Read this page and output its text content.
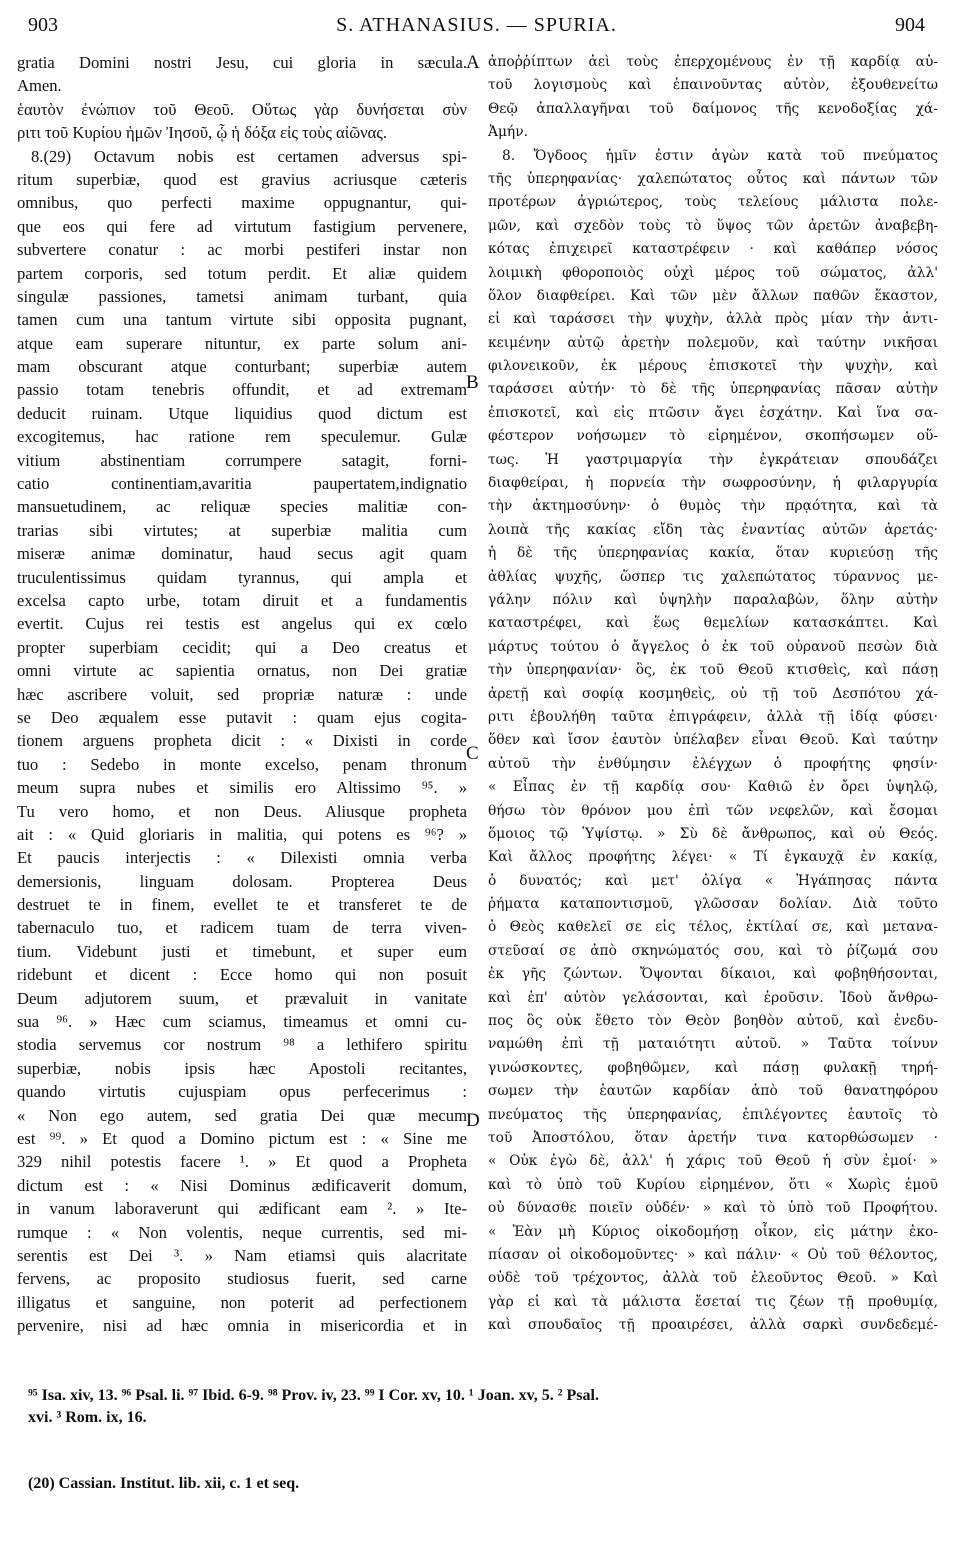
903	S. ATHANASIUS. — SPURIA.	904
gratia Domini nostri Jesu, cui gloria in sæcula.
Amen.
ἑαυτὸν ἐνώπιον τοῦ Θεοῦ. Οὕτως γὰρ δυνήσεται σὺν
ριτι τοῦ Κυρίου ἡμῶν Ἰησοῦ, ᾧ ἡ δόξα εἰς τοὺς αἰῶνας.
8.(29) Octavum nobis est certamen adversus spi-
ritum superbiæ, quod est gravius acriusque cæteris
omnibus, quo perfecti maxime oppugnantur, qui-
que eos qui fere ad virtutum fastigium pervenere,
subvertere conatur : ac morbi pestiferi instar non
partem corporis, sed totum perdit. Et aliæ quidem
singulæ passiones, tametsi animam turbant, quia
tamen cum una tantum virtute sibi opposita pugnant,
atque eam superare nituntur, ex parte solum ani-
mam obscurant atque conturbant; superbiæ autem
passio totam tenebris offundit, et ad extremam
deducit ruinam. Utque liquidius quod dictum est
excogitemus, hac ratione rem speculemur. Gulæ
vitium abstinentiam corrumpere satagit, forni-
catio continentiam,avaritia paupertatem,indignatio
mansuetudinem, ac reliquæ species malitiæ con-
trarias sibi virtutes; at superbiæ malitia cum
miseræ animæ dominatur, haud secus agit quam
truculentissimus quidam tyrannus, qui ampla et
excelsa capto urbe, totam diruit et a fundamentis
evertit. Cujus rei testis est angelus qui ex cœlo
propter superbiam cecidit; qui a Deo creatus et
omni virtute ac sapientia ornatus, non Dei gratiæ
hæc ascribere voluit, sed propriæ naturæ : unde
se Deo æqualem esse putavit : quam ejus cogita-
tionem arguens propheta dicit : « Dixisti in corde
tuo : Sedebo in monte excelso, penam thronum
meum supra nubes et similis ero Altissimo ⁹⁵. »
Tu vero homo, et non Deus. Aliusque propheta
ait : « Quid gloriaris in malitia, qui potens es ⁹⁶? »
Et paucis interjectis : « Dilexisti omnia verba
demersionis, linguam dolosam. Propterea Deus
destruet te in finem, evellet te et transferet te de
tabernaculo tuo, et radicem tuam de terra viven-
tium. Videbunt justi et timebunt, et super eum
ridebunt et dicent : Ecce homo qui non posuit
Deum adjutorem suum, et prævaluit in vanitate
sua ⁹⁶. » Hæc cum sciamus, timeamus et omni cu-
stodia servemus cor nostrum ⁹⁸ a lethifero spiritu
superbiæ, nobis ipsis hæc Apostoli recitantes,
quando virtutis cujuspiam opus perfecerimus :
« Non ego autem, sed gratia Dei quæ mecum
est ⁹⁹. » Et quod a Domino pictum est : « Sine me
329 nihil potestis facere ¹. » Et quod a Propheta
dictum est : « Nisi Dominus ædificaverit domum,
in vanum laboraverunt qui ædificant eam ². » Ite-
rumque : « Non volentis, neque currentis, sed mi-
serentis est Dei ³. » Nam etiamsi quis alacritate
fervens, ac proposito studiosus fuerit, sed carne
illigatus et sanguine, non poterit ad perfectionem
pervenire, nisi ad hæc omnia in misericordia et in
ἀποῤῥίπτων ἀεὶ τοὺς ἐπερχομένους ἐν τῇ καρδίᾳ αὐ-
τοῦ λογισμοὺς καὶ ἐπαινοῦντας αὐτὸν, ἐξουθενείτω
Θεῷ ἀπαλλαγῆναι τοῦ δαίμονος τῆς κενοδοξίας χά-
Ἀμήν.
8. Ὄγδοος ἡμῖν ἐστιν ἀγὼν κατὰ τοῦ πνεύματος
τῆς ὑπερηφανίας· χαλεπώτατος οὗτος καὶ πάντων τῶν
προτέρων ἀγριώτερος, τοὺς τελείους μάλιστα πολε-
μῶν, καὶ σχεδὸν τοὺς τὸ ὕψος τῶν ἀρετῶν ἀναβεβη-
κότας ἐπιχειρεῖ καταστρέφειν · καὶ καθάπερ νόσος
λοιμικὴ φθοροποιὸς οὐχὶ μέρος τοῦ σώματος, ἀλλ'
ὅλον διαφθείρει. Καὶ τῶν μὲν ἄλλων παθῶν ἕκαστον,
εἰ καὶ ταράσσει τὴν ψυχὴν, ἀλλὰ πρὸς μίαν τὴν ἀντι-
κειμένην αὐτῷ ἀρετὴν πολεμοῦν, καὶ ταύτην νικῆσαι
φιλονεικοῦν, ἐκ μέρους ἐπισκοτεῖ τὴν ψυχὴν, καὶ
ταράσσει αὐτήν· τὸ δὲ τῆς ὑπερηφανίας πᾶσαν αὐτὴν
ἐπισκοτεῖ, καὶ εἰς πτῶσιν ἄγει ἐσχάτην. Καὶ ἵνα σα-
φέστερον νοήσωμεν τὸ εἰρημένον, σκοπήσωμεν οὕ-
τως. Ἡ γαστριμαργία τὴν ἐγκράτειαν σπουδάζει
διαφθείραι, ἡ πορνεία τὴν σωφροσύνην, ἡ φιλαργυρία
τὴν ἀκτημοσύνην· ὁ θυμὸς τὴν πρᾳότητα, καὶ τὰ
λοιπὰ τῆς κακίας εἴδη τὰς ἐναντίας αὐτῶν ἀρετάς·
ἡ δὲ τῆς ὑπερηφανίας κακία, ὅταν κυριεύσῃ τῆς
ἀθλίας ψυχῆς, ὥσπερ τις χαλεπώτατος τύραννος με-
γάλην πόλιν καὶ ὑψηλὴν παραλαβὼν, ὅλην αὐτὴν
καταστρέφει, καὶ ἕως θεμελίων κατασκάπτει. Καὶ
μάρτυς τούτου ὁ ἄγγελος ὁ ἐκ τοῦ οὐρανοῦ πεσὼν διὰ
τὴν ὑπερηφανίαν· ὃς, ἐκ τοῦ Θεοῦ κτισθεὶς, καὶ πάσῃ
ἀρετῇ καὶ σοφίᾳ κοσμηθεὶς, οὐ τῇ τοῦ Δεσπότου χά-
ριτι ἐβουλήθη ταῦτα ἐπιγράφειν, ἀλλὰ τῇ ἰδίᾳ φύσει·
ὅθεν καὶ ἴσον ἑαυτὸν ὑπέλαβεν εἶναι Θεοῦ. Καὶ ταύτην
αὐτοῦ τὴν ἐνθύμησιν ἐλέγχων ὁ προφήτης φησίν·
« Εἶπας ἐν τῇ καρδίᾳ σου· Καθιῶ ἐν ὄρει ὑψηλῷ,
θήσω τὸν θρόνον μου ἐπὶ τῶν νεφελῶν, καὶ ἔσομαι
ὅμοιος τῷ Ὑψίστῳ. » Σὺ δὲ ἄνθρωπος, καὶ οὐ Θεός.
Καὶ ἄλλος προφήτης λέγει· « Τί ἐγκαυχᾷ ἐν κακίᾳ,
ὁ δυνατός; καὶ μετ' ὀλίγα « Ἠγάπησας πάντα
ῥήματα καταποντισμοῦ, γλῶσσαν δολίαν. Διὰ τοῦτο
ὁ Θεὸς καθελεῖ σε εἰς τέλος, ἐκτίλαί σε, καὶ μετανα-
στεῦσαί σε ἀπὸ σκηνώματός σου, καὶ τὸ ῥίζωμά σου
ἐκ γῆς ζώντων. Ὄψονται δίκαιοι, καὶ φοβηθήσονται,
καὶ ἐπ' αὐτὸν γελάσονται, καὶ ἐροῦσιν. Ἰδοὺ ἄνθρω-
πος ὃς οὐκ ἔθετο τὸν Θεὸν βοηθὸν αὐτοῦ, καὶ ἐνεδυ-
ναμώθη ἐπὶ τῇ ματαιότητι αὐτοῦ. » Ταῦτα τοίνυν
γινώσκοντες, φοβηθῶμεν, καὶ πάσῃ φυλακῇ τηρή-
σωμεν τὴν ἑαυτῶν καρδίαν ἀπὸ τοῦ θανατηφόρου
πνεύματος τῆς ὑπερηφανίας, ἐπιλέγοντες ἑαυτοῖς τὸ
τοῦ Ἀποστόλου, ὅταν ἀρετήν τινα κατορθώσωμεν ·
« Οὐκ ἐγὼ δὲ, ἀλλ' ἡ χάρις τοῦ Θεοῦ ἡ σὺν ἐμοί· »
καὶ τὸ ὑπὸ τοῦ Κυρίου εἰρημένον, ὅτι « Χωρὶς ἐμοῦ
οὐ δύνασθε ποιεῖν οὐδέν· » καὶ τὸ ὑπὸ τοῦ Προφήτου.
« Ἐὰν μὴ Κύριος οἰκοδομήσῃ οἶκον, εἰς μάτην ἐκο-
πίασαν οἱ οἰκοδομοῦντες· » καὶ πάλιν· « Οὐ τοῦ θέλοντος,
οὐδὲ τοῦ τρέχοντος, ἀλλὰ τοῦ ἐλεοῦντος Θεοῦ. » Καὶ
γὰρ εἰ καὶ τὰ μάλιστα ἔσεταί τις ζέων τῇ προθυμίᾳ,
καὶ σπουδαῖος τῇ προαιρέσει, ἀλλὰ σαρκὶ συνδεδεμέ-
A
B
C
D
⁹⁵ Isa. xiv, 13. ⁹⁶ Psal. li. ⁹⁷ Ibid. 6-9. ⁹⁸ Prov. iv, 23. ⁹⁹ I Cor. xv, 10. ¹ Joan. xv, 5. ² Psal.
xvi. ³ Rom. ix, 16.
(20) Cassian. Institut. lib. xii, c. 1 et seq.
